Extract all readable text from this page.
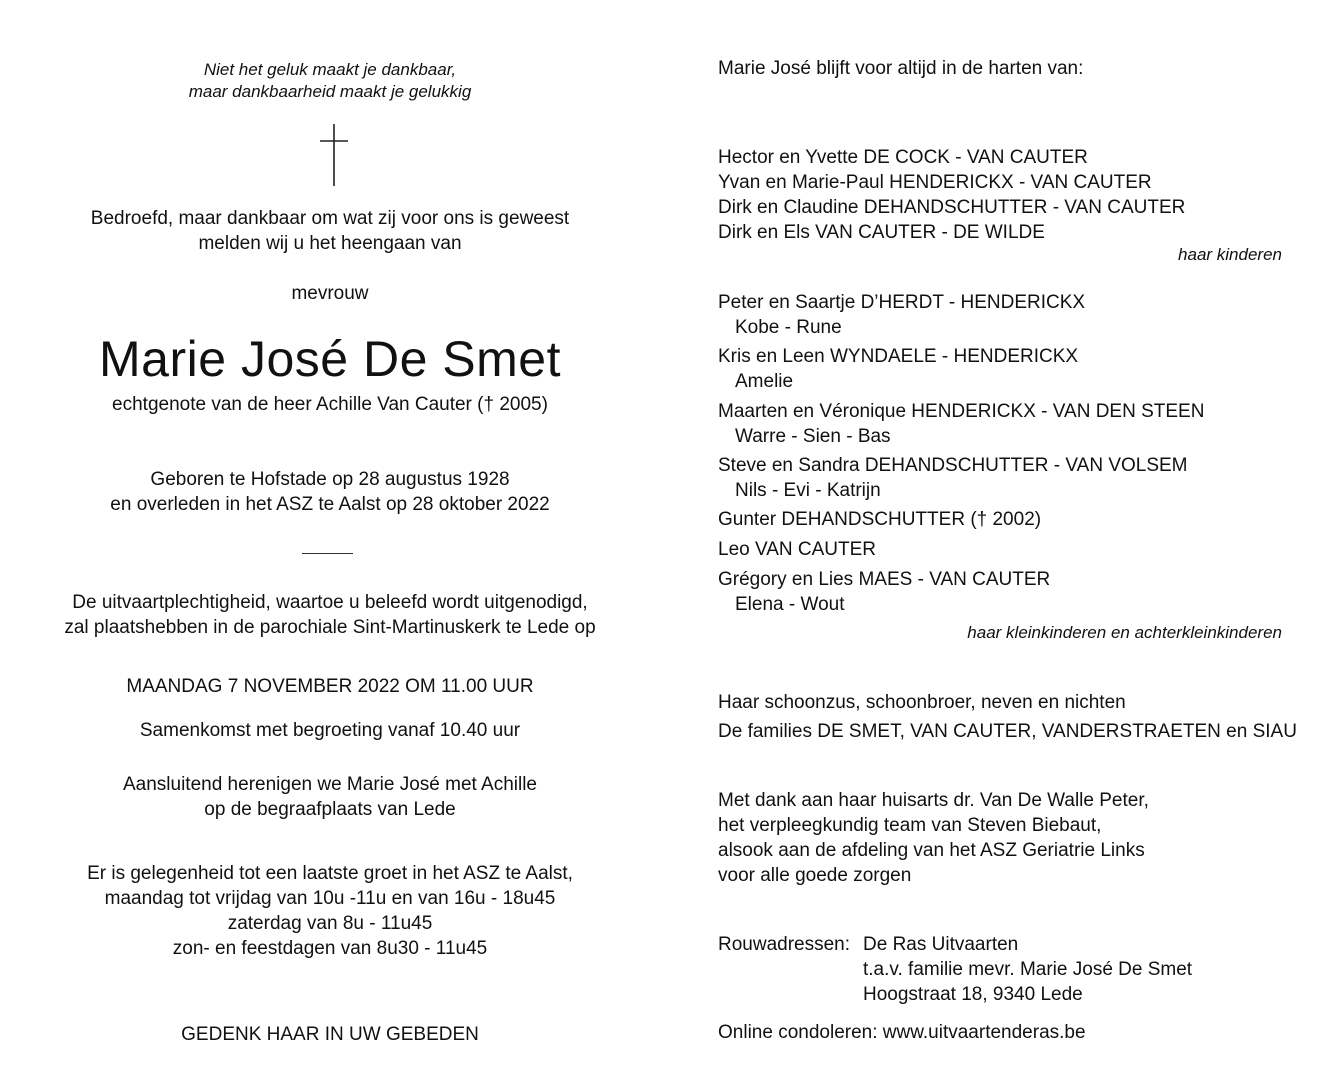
Niet het geluk maakt je dankbaar,
maar dankbaarheid maakt je gelukkig
Bedroefd, maar dankbaar om wat zij voor ons is geweest
melden wij u het heengaan van
mevrouw
Marie José De Smet
echtgenote van de heer Achille Van Cauter († 2005)
Geboren te Hofstade op 28 augustus 1928
en overleden in het ASZ te Aalst op 28 oktober 2022
De uitvaartplechtigheid, waartoe u beleefd wordt uitgenodigd,
zal plaatshebben in de parochiale Sint-Martinuskerk te Lede op
MAANDAG 7 NOVEMBER 2022 OM 11.00 UUR
Samenkomst met begroeting vanaf 10.40 uur
Aansluitend herenigen we Marie José met Achille
op de begraafplaats van Lede
Er is gelegenheid tot een laatste groet in het ASZ te Aalst,
maandag tot vrijdag van 10u -11u en van 16u - 18u45
zaterdag van 8u - 11u45
zon- en feestdagen van 8u30 - 11u45
GEDENK HAAR IN UW GEBEDEN
Marie José blijft voor altijd in de harten van:
Hector en Yvette DE COCK - VAN CAUTER
Yvan en Marie-Paul HENDERICKX - VAN CAUTER
Dirk en Claudine DEHANDSCHUTTER - VAN CAUTER
Dirk en Els VAN CAUTER - DE WILDE
haar kinderen
Peter en Saartje D’HERDT - HENDERICKX
Kobe - Rune
Kris en Leen WYNDAELE - HENDERICKX
Amelie
Maarten en Véronique HENDERICKX - VAN DEN STEEN
Warre - Sien - Bas
Steve en Sandra DEHANDSCHUTTER - VAN VOLSEM
Nils - Evi - Katrijn
Gunter DEHANDSCHUTTER († 2002)
Leo VAN CAUTER
Grégory en Lies MAES - VAN CAUTER
Elena - Wout
haar kleinkinderen en achterkleinkinderen
Haar schoonzus, schoonbroer, neven en nichten
De families DE SMET, VAN CAUTER, VANDERSTRAETEN en SIAU
Met dank aan haar huisarts dr. Van De Walle Peter,
het verpleegkundig team van Steven Biebaut,
alsook aan de afdeling van het ASZ Geriatrie Links
voor alle goede zorgen
Rouwadressen: De Ras Uitvaarten
t.a.v. familie mevr. Marie José De Smet
Hoogstraat 18, 9340 Lede
Online condoleren: www.uitvaartenderas.be
